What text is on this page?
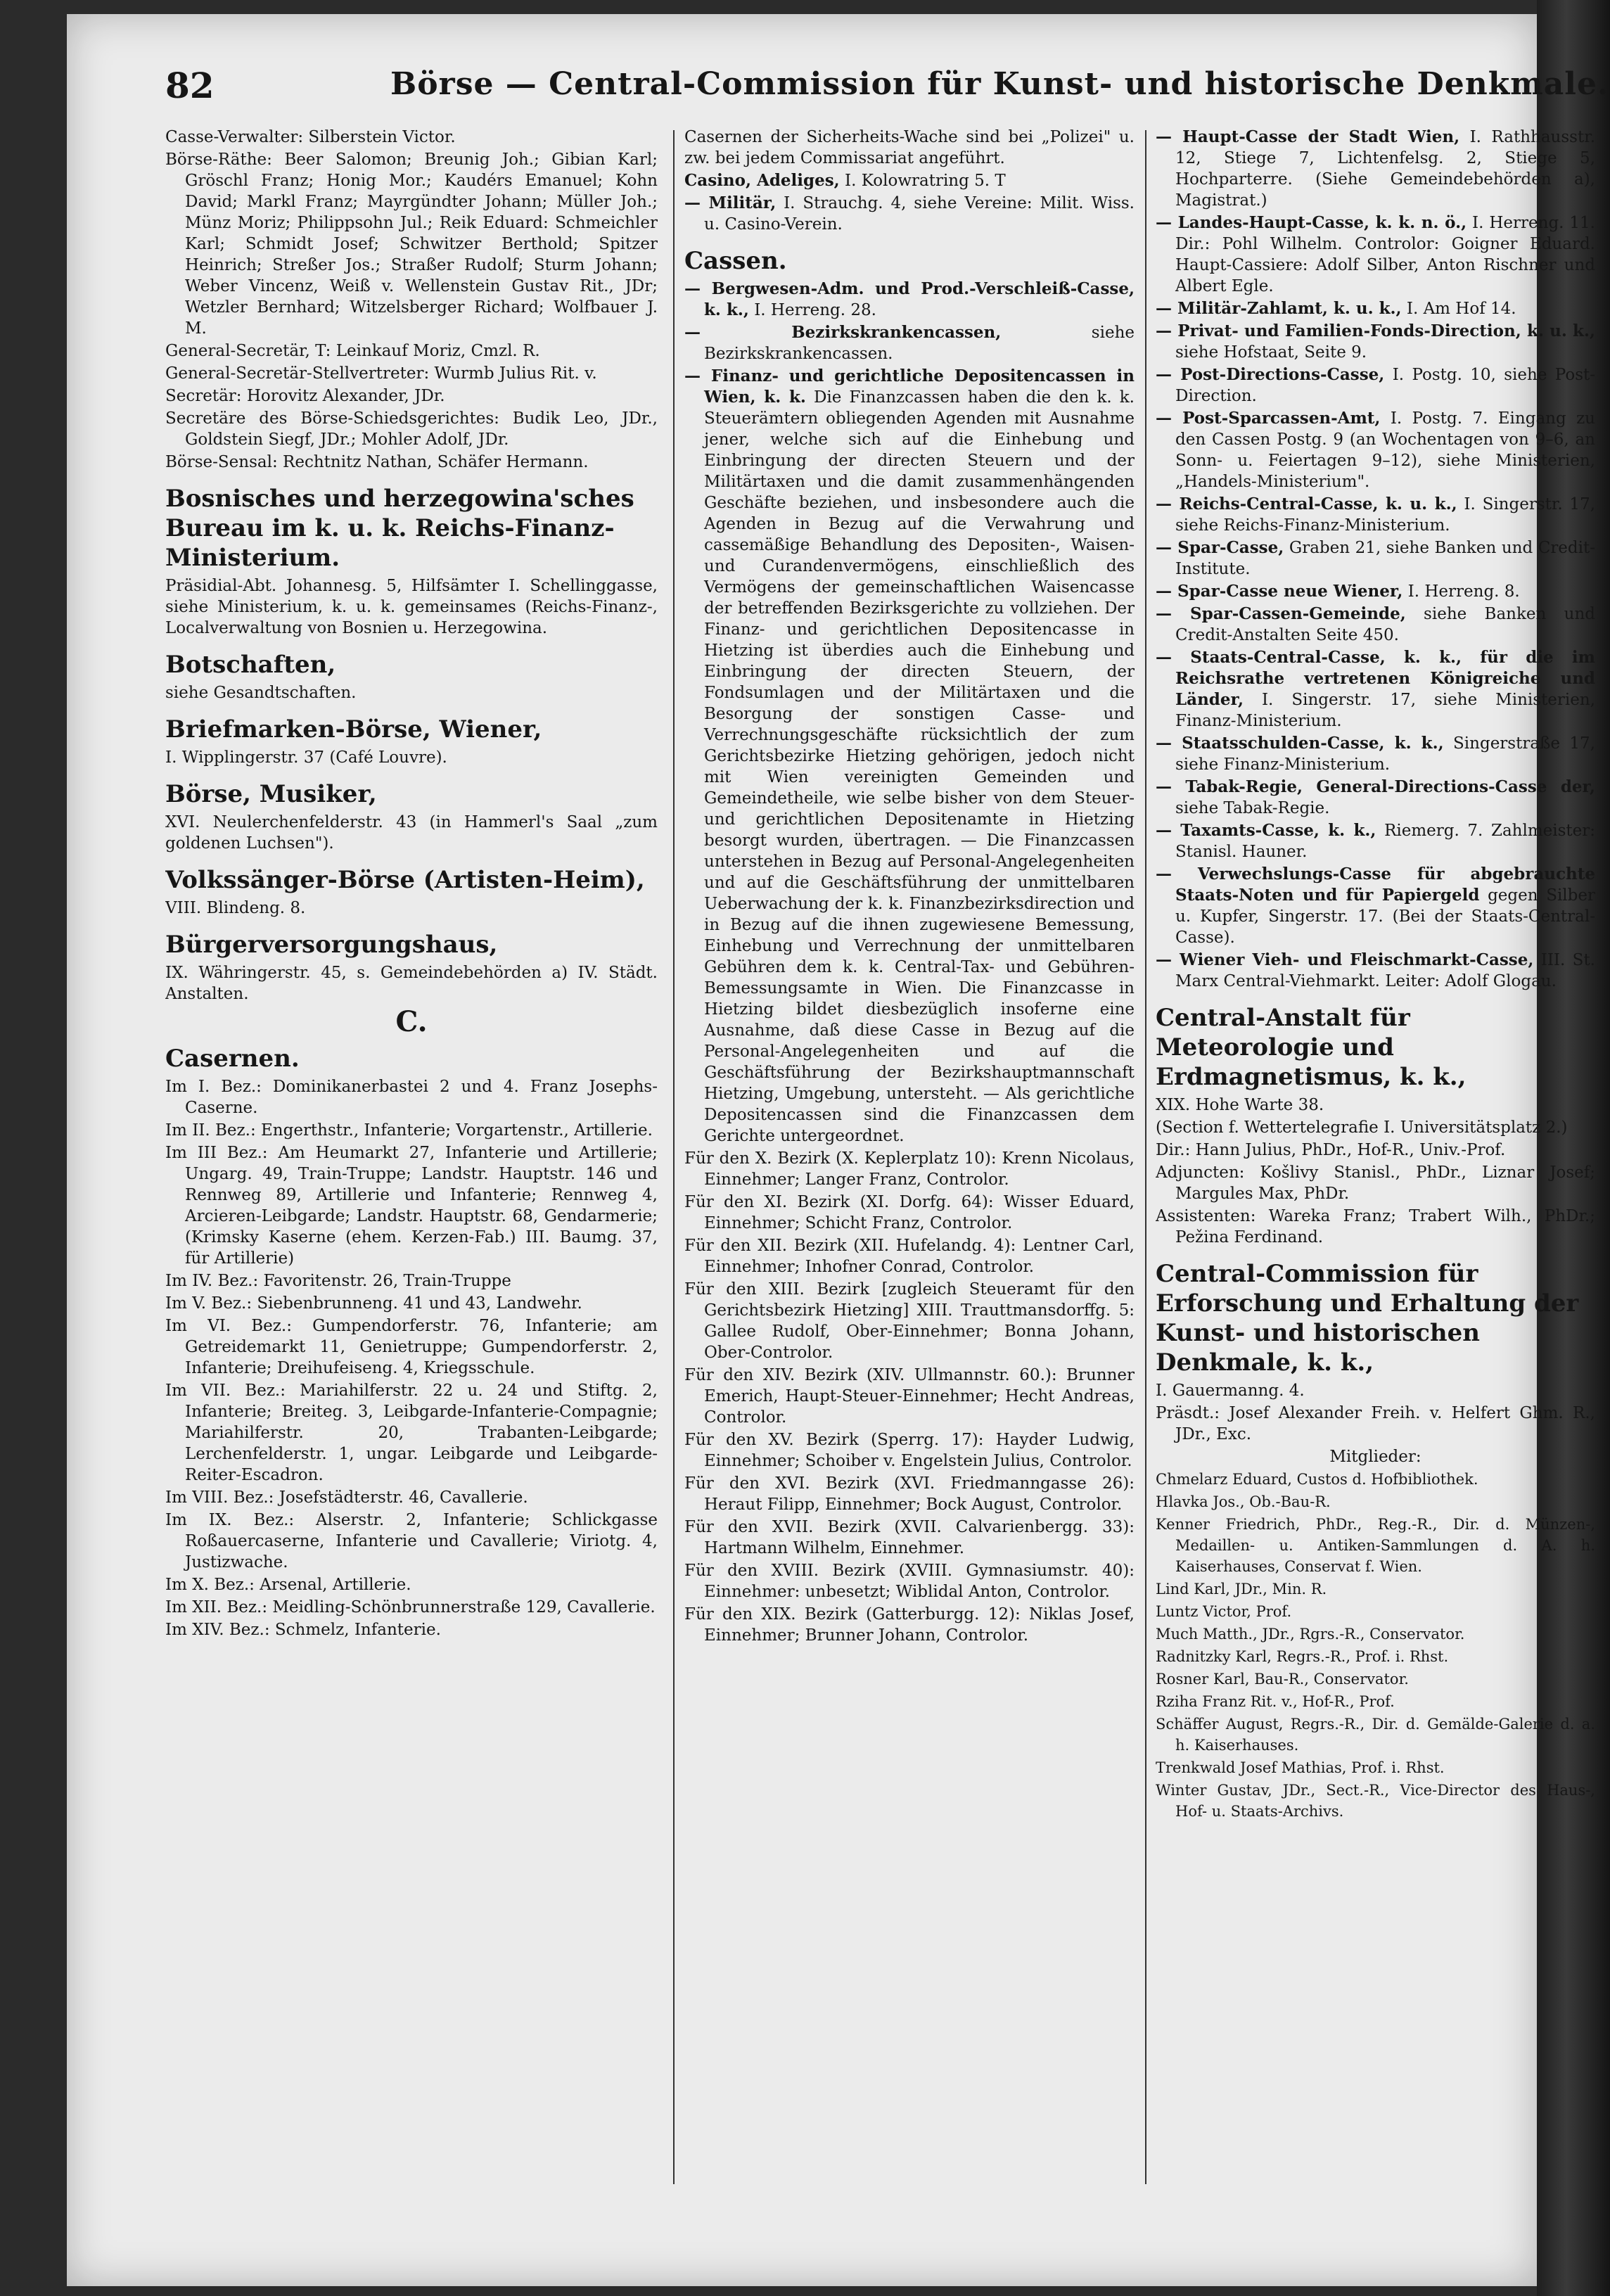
82	Börse — Central-Commission für Kunst- und historische Denkmale.
Casse-Verwalter: Silberstein Victor.
Börse-Räthe: Beer Salomon; Breunig Joh.; Gibian Karl; Gröschl Franz; Honig Mor.; Kaudérs Emanuel; Kohn David; Markl Franz; Mayrgündter Johann; Müller Joh.; Münz Moriz; Philippsohn Jul.; Reik Eduard: Schmeichler Karl; Schmidt Josef; Schwitzer Berthold; Spitzer Heinrich; Streßer Jos.; Straßer Rudolf; Sturm Johann; Weber Vincenz, Weiß v. Wellenstein Gustav Rit., JDr; Wetzler Bernhard; Witzelsberger Richard; Wolfbauer J. M.
General-Secretär, T: Leinkauf Moriz, Cmzl. R.
General-Secretär-Stellvertreter: Wurmb Julius Rit. v.
Secretär: Horovitz Alexander, JDr.
Secretäre des Börse-Schiedsgerichtes: Budik Leo, JDr., Goldstein Siegf, JDr.; Mohler Adolf, JDr.
Börse-Sensal: Rechtnitz Nathan, Schäfer Hermann.
Bosnisches und herzegowina'sches Bureau im k. u. k. Reichs-Finanz-Ministerium.
Präsidial-Abt. Johannesg. 5, Hilfsämter I. Schellinggasse, siehe Ministerium, k. u. k. gemeinsames (Reichs-Finanz-, Localverwaltung von Bosnien u. Herzegowina.
Botschaften,
siehe Gesandtschaften.
Briefmarken-Börse, Wiener,
I. Wipplingerstr. 37 (Café Louvre).
Börse, Musiker,
XVI. Neulerchenfelderstr. 43 (in Hammerl's Saal „zum goldenen Luchsen").
Volkssänger-Börse (Artisten-Heim),
VIII. Blindeng. 8.
Bürgerversorgungshaus,
IX. Währingerstr. 45, s. Gemeindebehörden a) IV. Städt. Anstalten.
C.
Casernen.
Im I. Bez.: Dominikanerbastei 2 und 4. Franz Josephs-Caserne.
Im II. Bez.: Engerthstr., Infanterie; Vorgartenstr., Artillerie.
Im III Bez.: Am Heumarkt 27, Infanterie und Artillerie; Ungarg. 49, Train-Truppe; Landstr. Hauptstr. 146 und Rennweg 89, Artillerie und Infanterie; Rennweg 4, Arcieren-Leibgarde; Landstr. Hauptstr. 68, Gendarmerie; (Krimsky Kaserne (ehem. Kerzen-Fab.) III. Baumg. 37, für Artillerie)
Im IV. Bez.: Favoritenstr. 26, Train-Truppe
Im V. Bez.: Siebenbrunneng. 41 und 43, Landwehr.
Im VI. Bez.: Gumpendorferstr. 76, Infanterie; am Getreidemarkt 11, Genietruppe; Gumpendorferstr. 2, Infanterie; Dreihufeiseng. 4, Kriegsschule.
Im VII. Bez.: Mariahilferstr. 22 u. 24 und Stiftg. 2, Infanterie; Breiteg. 3, Leibgarde-Infanterie-Compagnie; Mariahilferstr. 20, Trabanten-Leibgarde; Lerchenfelderstr. 1, ungar. Leibgarde und Leibgarde-Reiter-Escadron.
Im VIII. Bez.: Josefstädterstr. 46, Cavallerie.
Im IX. Bez.: Alserstr. 2, Infanterie; Schlickgasse Roßauercaserne, Infanterie und Cavallerie; Viriotg. 4, Justizwache.
Im X. Bez.: Arsenal, Artillerie.
Im XII. Bez.: Meidling-Schönbrunnerstraße 129, Cavallerie.
Im XIV. Bez.: Schmelz, Infanterie.
Casernen der Sicherheits-Wache sind bei „Polizei" u. zw. bei jedem Commissariat angeführt.
Casino, Adeliges, I. Kolowratring 5. T
— Militär, I. Strauchg. 4, siehe Vereine: Milit. Wiss. u. Casino-Verein.
Cassen.
— Bergwesen-Adm. und Prod.-Verschleiß-Casse, k. k., I. Herreng. 28.
— Bezirkskrankencassen,	siehe Bezirkskrankencassen.
— Finanz- und gerichtliche Depositencassen in Wien, k. k. Die Finanzcassen haben die den k. k. Steuerämtern obliegenden Agenden mit Ausnahme jener, welche sich auf die Einhebung und Einbringung der directen Steuern und der Militärtaxen und die damit zusammenhängenden Geschäfte beziehen, und insbesondere auch die Agenden in Bezug auf die Verwahrung und cassemäßige Behandlung des Depositen-, Waisen- und Curandenvermögens, einschließlich des Vermögens der gemeinschaftlichen Waisencasse der betreffenden Bezirksgerichte zu vollziehen. Der Finanz- und gerichtlichen Depositencasse in Hietzing ist überdies auch die Einhebung und Einbringung der directen Steuern, der Fondsumlagen und der Militärtaxen und die Besorgung der sonstigen Casse- und Verrechnungsgeschäfte rücksichtlich der zum Gerichtsbezirke Hietzing gehörigen, jedoch nicht mit Wien vereinigten Gemeinden und Gemeindetheile, wie selbe bisher von dem Steuer- und gerichtlichen Depositenamte in Hietzing besorgt wurden, übertragen. — Die Finanzcassen unterstehen in Bezug auf Personal-Angelegenheiten und auf die Geschäftsführung der unmittelbaren Ueberwachung der k. k. Finanzbezirksdirection und in Bezug auf die ihnen zugewiesene Bemessung, Einhebung und Verrechnung der unmittelbaren Gebühren dem k. k. Central-Tax- und Gebühren-Bemessungsamte in Wien. Die Finanzcasse in Hietzing bildet diesbezüglich insoferne eine Ausnahme, daß diese Casse in Bezug auf die Personal-Angelegenheiten und auf die Geschäftsführung der Bezirkshauptmannschaft Hietzing, Umgebung, untersteht. — Als gerichtliche Depositencassen sind die Finanzcassen dem Gerichte untergeordnet.
Für den X. Bezirk (X. Keplerplatz 10): Krenn Nicolaus, Einnehmer; Langer Franz, Controlor.
Für den XI. Bezirk (XI. Dorfg. 64): Wisser Eduard, Einnehmer; Schicht Franz, Controlor.
Für den XII. Bezirk (XII. Hufelandg. 4): Lentner Carl, Einnehmer; Inhofner Conrad, Controlor.
Für den XIII. Bezirk [zugleich Steueramt für den Gerichtsbezirk Hietzing] XIII. Trauttmansdorffg. 5: Gallee Rudolf, Ober-Einnehmer; Bonna Johann, Ober-Controlor.
Für den XIV. Bezirk (XIV. Ullmannstr. 60.): Brunner Emerich, Haupt-Steuer-Einnehmer; Hecht Andreas, Controlor.
Für den XV. Bezirk (Sperrg. 17): Hayder Ludwig, Einnehmer; Schoiber v. Engelstein Julius, Controlor.
Für den XVI. Bezirk (XVI. Friedmanngasse 26): Heraut Filipp, Einnehmer; Bock August, Controlor.
Für den XVII. Bezirk (XVII. Calvarienbergg. 33): Hartmann Wilhelm, Einnehmer.
Für den XVIII. Bezirk (XVIII. Gymnasiumstr. 40): Einnehmer: unbesetzt; Wiblidal Anton, Controlor.
Für den XIX. Bezirk (Gatterburgg. 12): Niklas Josef, Einnehmer; Brunner Johann, Controlor.
— Haupt-Casse der Stadt Wien, I. Rathhausstr. 12, Stiege 7, Lichtenfelsg. 2, Stiege 5, Hochparterre. (Siehe Gemeindebehörden a), Magistrat.)
— Landes-Haupt-Casse, k. k. n. ö., I. Herreng. 11. Dir.: Pohl Wilhelm. Controlor: Goigner Eduard. Haupt-Cassiere: Adolf Silber, Anton Rischner und Albert Egle.
— Militär-Zahlamt, k. u. k., I. Am Hof 14.
— Privat- und Familien-Fonds-Direction, k. u. k., siehe Hofstaat, Seite 9.
— Post-Directions-Casse, I. Postg. 10, siehe Post-Direction.
— Post-Sparcassen-Amt, I. Postg. 7. Eingang zu den Cassen Postg. 9 (an Wochentagen von 9–6, an Sonn- u. Feiertagen 9–12), siehe Ministerien, „Handels-Ministerium".
— Reichs-Central-Casse, k. u. k., I. Singerstr. 17, siehe Reichs-Finanz-Ministerium.
— Spar-Casse, Graben 21, siehe Banken und Credit-Institute.
— Spar-Casse neue Wiener, I. Herreng. 8.
— Spar-Cassen-Gemeinde, siehe Banken und Credit-Anstalten Seite 450.
— Staats-Central-Casse, k. k., für die im Reichsrathe vertretenen Königreiche und Länder, I. Singerstr. 17, siehe Ministerien, Finanz-Ministerium.
— Staatsschulden-Casse, k. k., Singerstraße 17, siehe Finanz-Ministerium.
— Tabak-Regie, General-Directions-Casse der, siehe Tabak-Regie.
— Taxamts-Casse, k. k., Riemerg. 7. Zahlmeister: Stanisl. Hauner.
— Verwechslungs-Casse für abgebrauchte Staats-Noten und für Papiergeld gegen Silber u. Kupfer, Singerstr. 17. (Bei der Staats-Central-Casse).
— Wiener Vieh- und Fleischmarkt-Casse, III. St. Marx Central-Viehmarkt. Leiter: Adolf Glogau.
Central-Anstalt für Meteorologie und Erdmagnetismus, k. k.,
XIX. Hohe Warte 38.
(Section f. Wettertelegrafie I. Universitätsplatz 2.)
Dir.: Hann Julius, PhDr., Hof-R., Univ.-Prof.
Adjuncten: Košlivy Stanisl., PhDr., Liznar Josef; Margules Max, PhDr.
Assistenten: Wareka Franz; Trabert Wilh., PhDr.; Pežina Ferdinand.
Central-Commission für Erforschung und Erhaltung der Kunst- und historischen Denkmale, k. k.,
I. Gauermanng. 4.
Präsdt.: Josef Alexander Freih. v. Helfert Ghm. R., JDr., Exc.
Mitglieder:
Chmelarz Eduard, Custos d. Hofbibliothek.
Hlavka Jos., Ob.-Bau-R.
Kenner Friedrich, PhDr., Reg.-R., Dir. d. Münzen-, Medaillen- u. Antiken-Sammlungen d. A. h. Kaiserhauses, Conservat f. Wien.
Lind Karl, JDr., Min. R.
Luntz Victor, Prof.
Much Matth., JDr., Rgrs.-R., Conservator.
Radnitzky Karl, Regrs.-R., Prof. i. Rhst.
Rosner Karl, Bau-R., Conservator.
Rziha Franz Rit. v., Hof-R., Prof.
Schäffer August, Regrs.-R., Dir. d. Gemälde-Galerie d. a. h. Kaiserhauses.
Trenkwald Josef Mathias, Prof. i. Rhst.
Winter Gustav, JDr., Sect.-R., Vice-Director des Haus-, Hof- u. Staats-Archivs.
